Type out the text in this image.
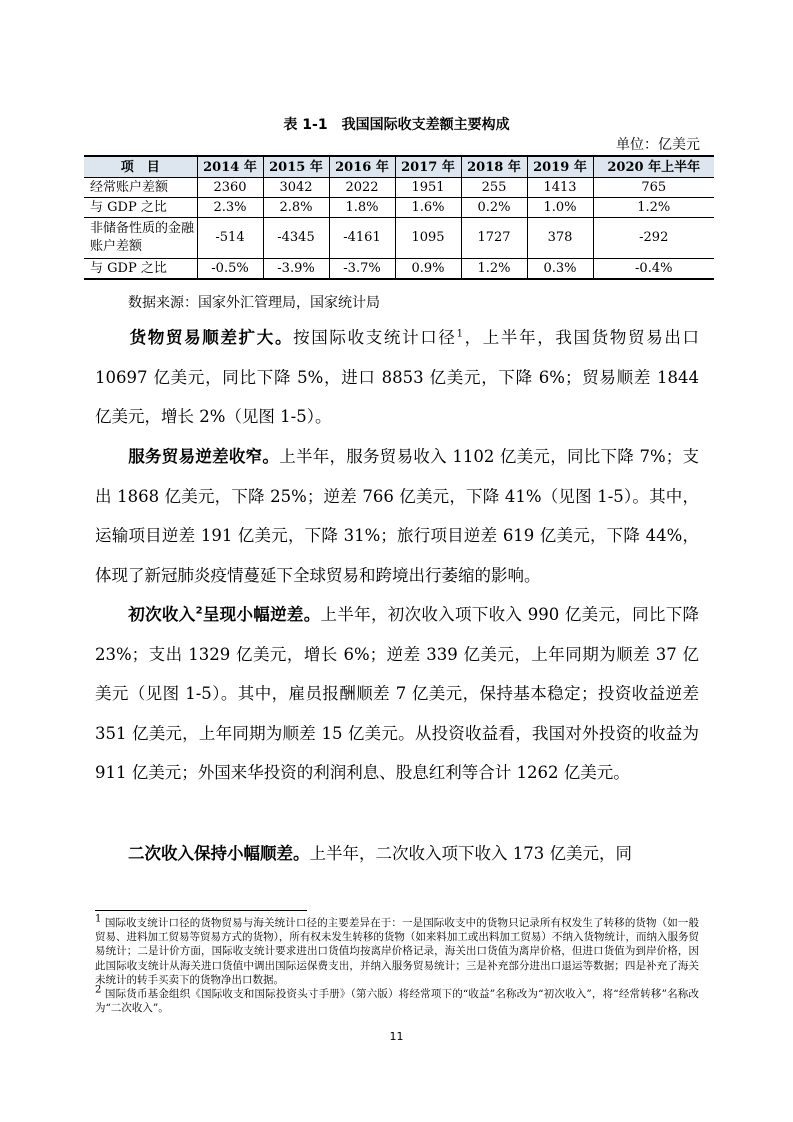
表 1-1　我国国际收支差额主要构成
单位：亿美元
项　目	2014 年	2015 年	2016 年	2017 年	2018 年	2019 年	2020 年上半年
经常账户差额	2360	3042	2022	1951	255	1413	765
与 GDP 之比	2.3%	2.8%	1.8%	1.6%	0.2%	1.0%	1.2%
非储备性质的金融账户差额	-514	-4345	-4161	1095	1727	378	-292
与 GDP 之比	-0.5%	-3.9%	-3.7%	0.9%	1.2%	0.3%	-0.4%
数据来源：国家外汇管理局，国家统计局

货物贸易顺差扩大。按国际收支统计口径$^1$，上半年，我国货物贸易出口 10697 亿美元，同比下降 5%，进口 8853 亿美元，下降 6%；贸易顺差 1844 亿美元，增长 2%（见图 1-5）。

服务贸易逆差收窄。上半年，服务贸易收入 1102 亿美元，同比下降 7%；支出 1868 亿美元，下降 25%；逆差 766 亿美元，下降 41%（见图 1-5）。其中，运输项目逆差 191 亿美元，下降 31%；旅行项目逆差 619 亿美元，下降 44%，体现了新冠肺炎疫情蔓延下全球贸易和跨境出行萎缩的影响。

初次收入$^2$呈现小幅逆差。上半年，初次收入项下收入 990 亿美元，同比下降 23%；支出 1329 亿美元，增长 6%；逆差 339 亿美元，上年同期为顺差 37 亿美元（见图 1-5）。其中，雇员报酬顺差 7 亿美元，保持基本稳定；投资收益逆差 351 亿美元，上年同期为顺差 15 亿美元。从投资收益看，我国对外投资的收益为 911 亿美元；外国来华投资的利润利息、股息红利等合计 1262 亿美元。

二次收入保持小幅顺差。上半年，二次收入项下收入 173 亿美元，同

$^1$ 国际收支统计口径的货物贸易与海关统计口径的主要差异在于：一是国际收支中的货物只记录所有权发生了转移的货物（如一般贸易、进料加工贸易等贸易方式的货物），所有权未发生转移的货物（如来料加工或出料加工贸易）不纳入货物统计，而纳入服务贸易统计；二是计价方面，国际收支统计要求进出口货值均按离岸价格记录，海关出口货值为离岸价格，但进口货值为到岸价格，因此国际收支统计从海关进口货值中调出国际运保费支出，并纳入服务贸易统计；三是补充部分进出口退运等数据；四是补充了海关未统计的转手买卖下的货物净出口数据。

$^2$ 国际货币基金组织《国际收支和国际投资头寸手册》（第六版）将经常项下的“收益”名称改为“初次收入”，将“经常转移”名称改为“二次收入”。

11
